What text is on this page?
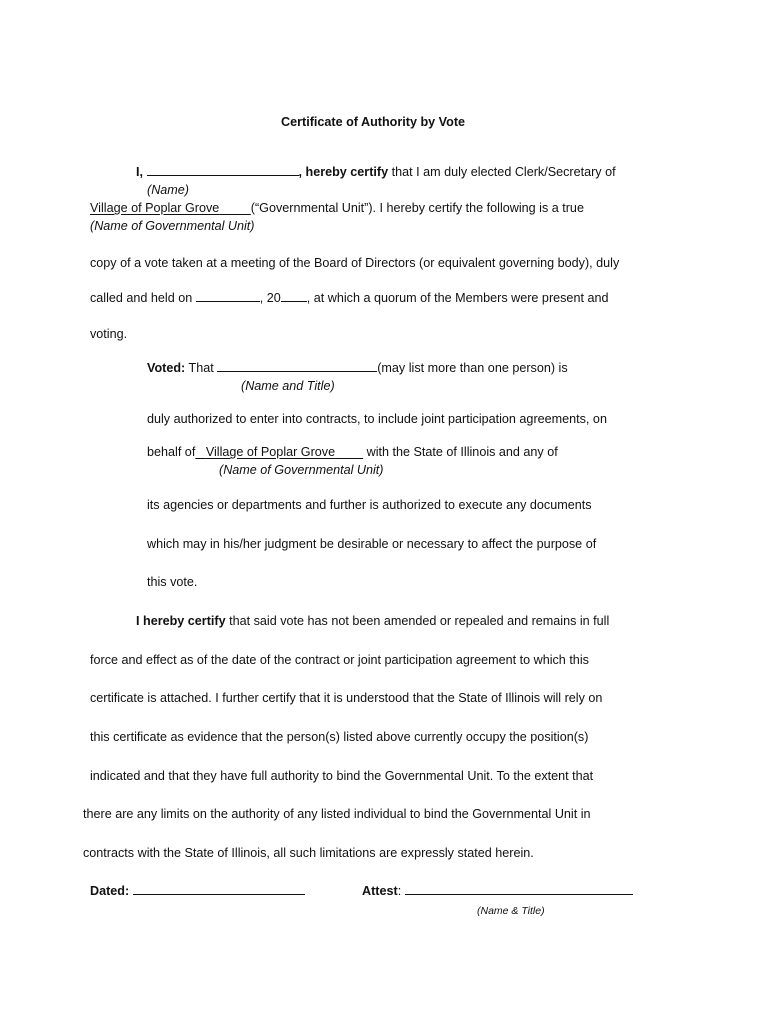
Certificate of Authority by Vote
I,	, hereby certify that I am duly elected Clerk/Secretary of
(Name)
Village of Poplar Grove	(“Governmental Unit”). I hereby certify the following is a true
(Name of Governmental Unit)
copy of a vote taken at a meeting of the Board of Directors (or equivalent governing body), duly
called and held on	, 20 , at which a quorum of the Members were present and
voting.
Voted: That	(may list more than one person) is
(Name and Title)
duly authorized to enter into contracts, to include joint participation agreements, on
behalf of Village of Poplar Grove	with the State of Illinois and any of
(Name of Governmental Unit)
its agencies or departments and further is authorized to execute any documents
which may in his/her judgment be desirable or necessary to affect the purpose of
this vote.
I hereby certify that said vote has not been amended or repealed and remains in full
force and effect as of the date of the contract or joint participation agreement to which this
certificate is attached. I further certify that it is understood that the State of Illinois will rely on
this certificate as evidence that the person(s) listed above currently occupy the position(s)
indicated and that they have full authority to bind the Governmental Unit. To the extent that
there are any limits on the authority of any listed individual to bind the Governmental Unit in
contracts with the State of Illinois, all such limitations are expressly stated herein.
Dated:	Attest:
(Name & Title)
